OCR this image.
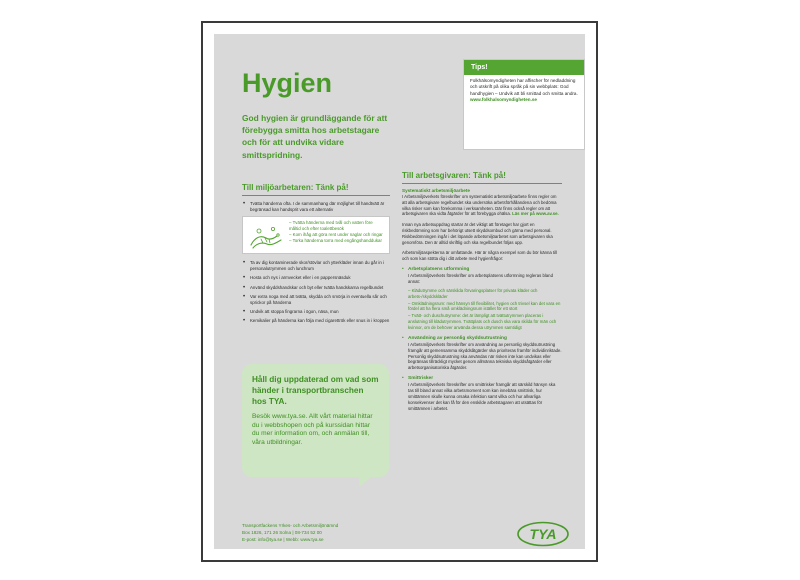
Hygien
God hygien är grundläggande för att förebygga smitta hos arbetstagare och för att undvika vidare smittspridning.
Tips!
Folkhälsomyndigheten har affischer för nedladdning och utskrift på olika språk på sin webbplats: God handhygien – Undvik att bli smittad och smitta andra.
www.folkhalsomyndigheten.se
Till miljöarbetaren: Tänk på!
• Tvätta händerna ofta. I de sammanhang där möjlighet till handtvätt är begränsad kan handsprit vara ett alternativ
– Tvätta händerna med tvål och vatten före måltid och efter toalettbesök
– Kom ihåg att göra rent under naglar och ringar
– Torka händerna torra med engångshanddukar
• Ta av dig kontaminerade skor/stövlar och ytterkläder innan du går in i personalutrymmen och lunchrum
• Hosta och nys i armvecket eller i en pappersnäsduk
• Använd skyddshandskar och byt eller tvätta handskarna regelbundet
• Var extra noga med att tvätta, skydda och smörja in eventuella sår och sprickor på händerna
• Undvik att stoppa fingrarna i ögon, näsa, mun
• Kemikalier på händerna kan följa med cigarettrök eller snus in i kroppen
Håll dig uppdaterad om vad som händer i transportbranschen hos TYA.
Besök www.tya.se. Allt vårt material hittar du i webbshopen och på kurssidan hittar du mer information om, och anmälan till, våra utbildningar.
Transportfackens Yrkes- och Arbetsmiljönämnd
Box 1826, 171 26 Solna | 08-734 52 00
E-post: info@tya.se | Webb: www.tya.se	TYA
Till arbetsgivaren: Tänk på!
Systematiskt arbetsmiljöarbete

I Arbetsmiljöverkets föreskrifter om systematiskt arbetsmiljöarbete finns regler om att alla arbetsgivare regelbundet ska undersöka arbetsförhållandena och bedöma vilka risker som kan förekomma i verksamheten. Där finns också regler om att arbetsgivaren ska vidta åtgärder för att förebygga ohälsa. Läs mer på www.av.se.

Innan nya arbetsuppdrag startar är det viktigt att företaget har gjort en riskbedömning som har behörigt utsett skyddsombud och gärna med personal. Riskbedömningen ingår i det löpande arbetsmiljöarbetet som arbetsgivaren ska genomföra. Den är alltid skriftlig och ska regelbundet följas upp.

Arbetsmiljöaspekterna är omfattande. Här är några exempel som du bör känna till och som kan stötta dig i ditt arbete med hygienfrågor:

• Arbetsplatsens utformning
I Arbetsmiljöverkets föreskrifter om arbetsplatsens utformning regleras bland annat:
– Klädutrymme och särskilda förvaringsplatser för privata kläder och arbets-/skyddskläder
– Omklädningsrum: med hänsyn till flexibilitet, hygien och trivsel kan det vara en fördel att ha flera små omklädningsrum istället för ett stort
– Tvätt- och duschutrymme: det är lämpligt att tvättutrymmen placeras i anslutning till klädutrymmen. Tvättplats och dusch ska vara skilda för män och kvinnor, om de behöver använda dessa utrymmen samtidigt
• Användning av personlig skyddsutrustning
I Arbetsmiljöverkets föreskrifter om användning av personlig skyddsutrustning framgår att gemensamma skyddsåtgärder ska prioriteras framför individinriktade. Personlig skyddsutrustning ska användas när risken inte kan undvikas eller begränsas tillräckligt mycket genom allmänna tekniska skyddsåtgärder eller arbetsorganisatoriska åtgärder.
• Smittrisker
I Arbetsmiljöverkets föreskrifter om smittrisker framgår att särskild hänsyn ska tas till bland annat vilka arbetsmoment som kan innebära smittrisk, hur smittämnen skulle kunna orsaka infektion samt vilka och hur allvarliga konsekvenser det kan få för den enskilde arbetstagaren att utsättas för smittämnen i arbetet.
